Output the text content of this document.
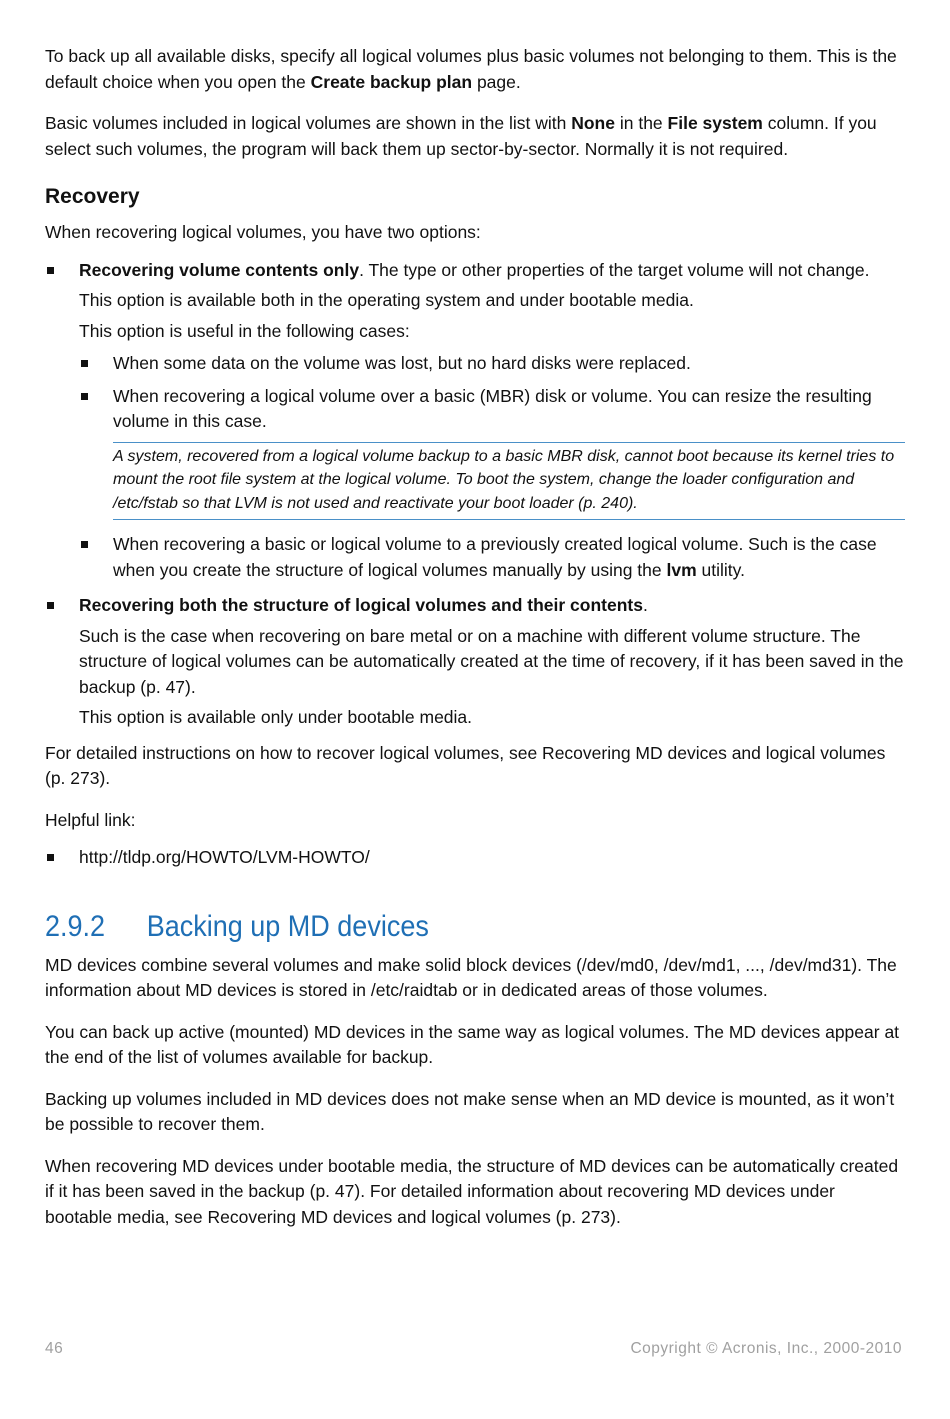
To back up all available disks, specify all logical volumes plus basic volumes not belonging to them. This is the default choice when you open the Create backup plan page.

Basic volumes included in logical volumes are shown in the list with None in the File system column. If you select such volumes, the program will back them up sector-by-sector. Normally it is not required.

Recovery

When recovering logical volumes, you have two options:

Recovering volume contents only. The type or other properties of the target volume will not change.

This option is available both in the operating system and under bootable media.

This option is useful in the following cases:

When some data on the volume was lost, but no hard disks were replaced.

When recovering a logical volume over a basic (MBR) disk or volume. You can resize the resulting volume in this case.

A system, recovered from a logical volume backup to a basic MBR disk, cannot boot because its kernel tries to mount the root file system at the logical volume. To boot the system, change the loader configuration and /etc/fstab so that LVM is not used and reactivate your boot loader (p. 240).

When recovering a basic or logical volume to a previously created logical volume. Such is the case when you create the structure of logical volumes manually by using the lvm utility.

Recovering both the structure of logical volumes and their contents.

Such is the case when recovering on bare metal or on a machine with different volume structure. The structure of logical volumes can be automatically created at the time of recovery, if it has been saved in the backup (p. 47).

This option is available only under bootable media.

For detailed instructions on how to recover logical volumes, see Recovering MD devices and logical volumes (p. 273).

Helpful link:

http://tldp.org/HOWTO/LVM-HOWTO/

2.9.2 Backing up MD devices

MD devices combine several volumes and make solid block devices (/dev/md0, /dev/md1, ..., /dev/md31). The information about MD devices is stored in /etc/raidtab or in dedicated areas of those volumes.

You can back up active (mounted) MD devices in the same way as logical volumes. The MD devices appear at the end of the list of volumes available for backup.

Backing up volumes included in MD devices does not make sense when an MD device is mounted, as it won’t be possible to recover them.

When recovering MD devices under bootable media, the structure of MD devices can be automatically created if it has been saved in the backup (p. 47). For detailed information about recovering MD devices under bootable media, see Recovering MD devices and logical volumes (p. 273).

46	Copyright © Acronis, Inc., 2000-2010
